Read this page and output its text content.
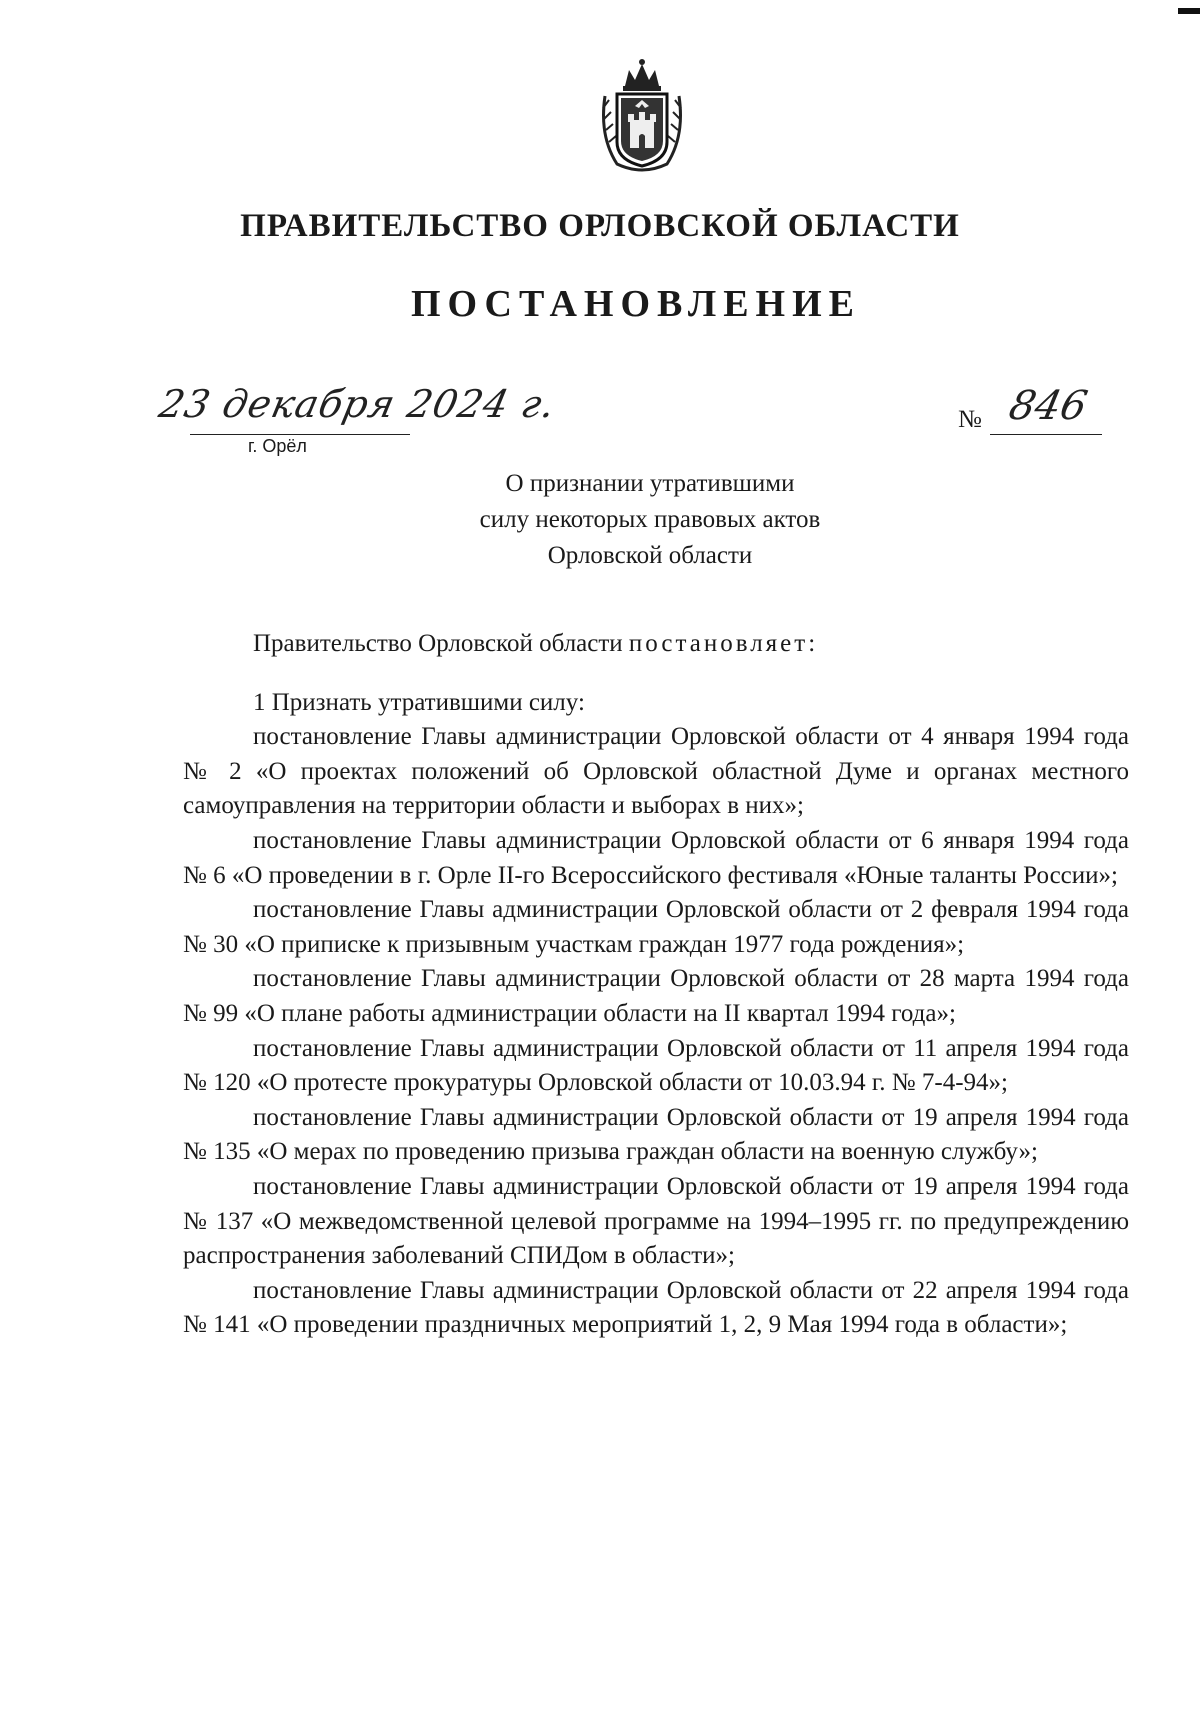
ПРАВИТЕЛЬСТВО ОРЛОВСКОЙ ОБЛАСТИ
ПОСТАНОВЛЕНИЕ
23 декабря 2024 г.
г. Орёл
№ 846
О признании утратившими
силу некоторых правовых актов
Орловской области

Правительство Орловской области постановляет:

1 Признать утратившими силу:

постановление Главы администрации Орловской области от 4 января 1994 года № 2 «О проектах положений об Орловской областной Думе и органах местного самоуправления на территории области и выборах в них»;

постановление Главы администрации Орловской области от 6 января 1994 года № 6 «О проведении в г. Орле II-го Всероссийского фестиваля «Юные таланты России»;

постановление Главы администрации Орловской области от 2 февраля 1994 года № 30 «О приписке к призывным участкам граждан 1977 года рождения»;

постановление Главы администрации Орловской области от 28 марта 1994 года № 99 «О плане работы администрации области на II квартал 1994 года»;

постановление Главы администрации Орловской области от 11 апреля 1994 года № 120 «О протесте прокуратуры Орловской области от 10.03.94 г. № 7-4-94»;

постановление Главы администрации Орловской области от 19 апреля 1994 года № 135 «О мерах по проведению призыва граждан области на военную службу»;

постановление Главы администрации Орловской области от 19 апреля 1994 года № 137 «О межведомственной целевой программе на 1994–1995 гг. по предупреждению распространения заболеваний СПИДом в области»;

постановление Главы администрации Орловской области от 22 апреля 1994 года № 141 «О проведении праздничных мероприятий 1, 2, 9 Мая 1994 года в области»;
